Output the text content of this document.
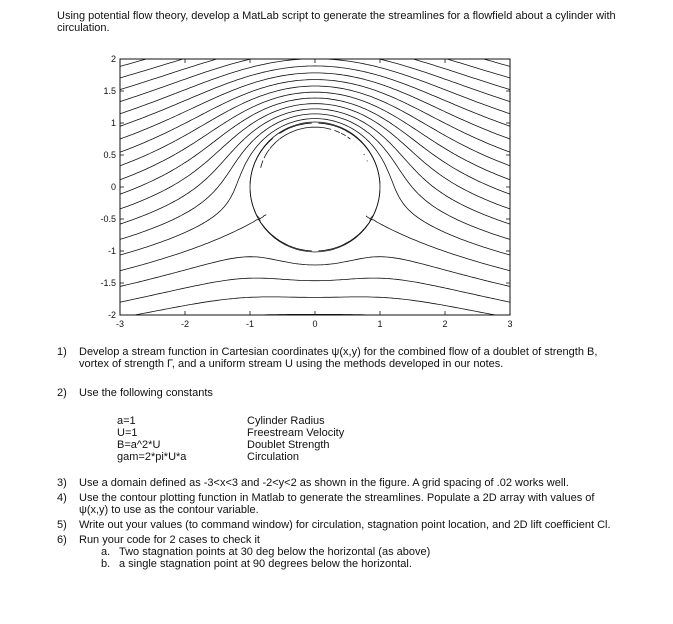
Using potential flow theory, develop a MatLab script to generate the streamlines for a flowfield about a cylinder with circulation.
-3	-2	-1	0	1	2	3
2
1.5
1
0.5
0
-0.5
-1
-1.5
-2
1) Develop a stream function in Cartesian coordinates ψ(x,y) for the combined flow of a doublet of strength B, vortex of strength Γ, and a uniform stream U using the methods developed in our notes.
2) Use the following constants
a=1	Cylinder Radius
U=1	Freestream Velocity
B=a^2*U	Doublet Strength
gam=2*pi*U*a	Circulation
3) Use a domain defined as -3<x<3 and -2<y<2 as shown in the figure. A grid spacing of .02 works well.
4) Use the contour plotting function in Matlab to generate the streamlines. Populate a 2D array with values of ψ(x,y) to use as the contour variable.
5) Write out your values (to command window) for circulation, stagnation point location, and 2D lift coefficient Cl.
6) Run your code for 2 cases to check it
a. Two stagnation points at 30 deg below the horizontal (as above)
b. a single stagnation point at 90 degrees below the horizontal.
